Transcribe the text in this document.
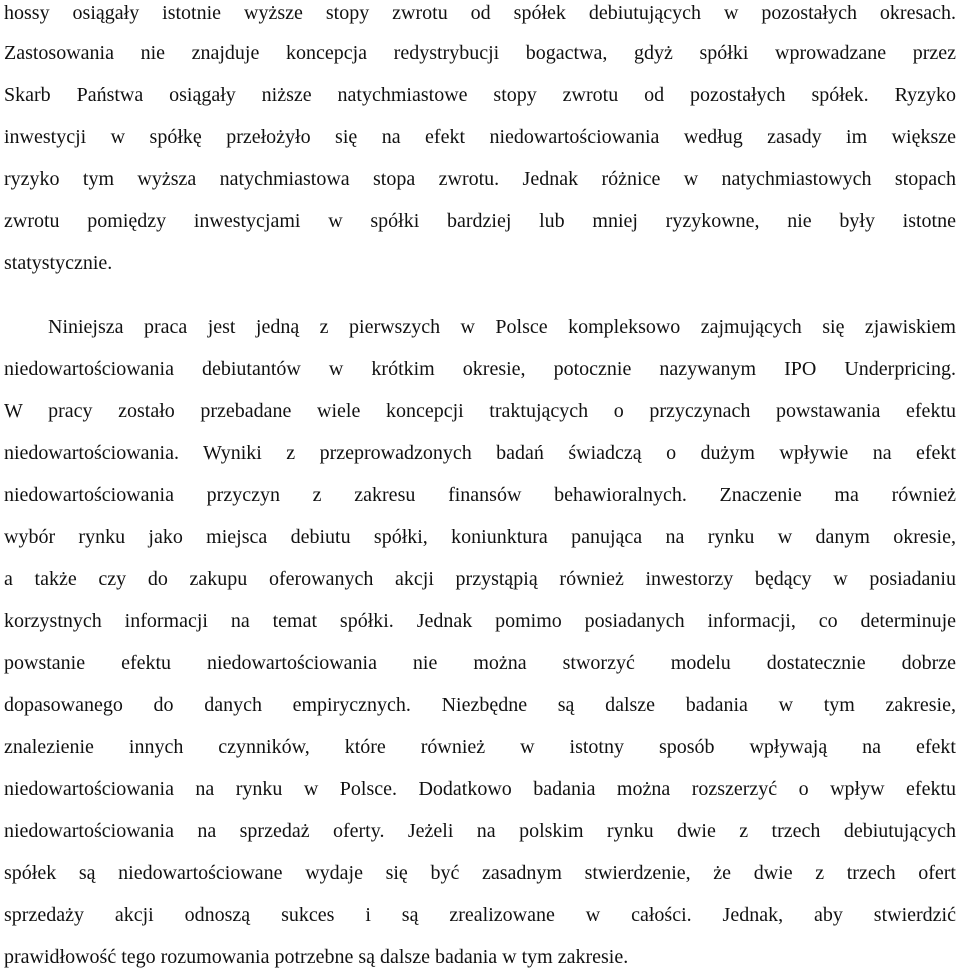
hossy osiągały istotnie wyższe stopy zwrotu od spółek debiutujących w pozostałych okresach.
Zastosowania nie znajduje koncepcja redystrybucji bogactwa, gdyż spółki wprowadzane przez
Skarb Państwa osiągały niższe natychmiastowe stopy zwrotu od pozostałych spółek. Ryzyko
inwestycji w spółkę przełożyło się na efekt niedowartościowania według zasady im większe
ryzyko tym wyższa natychmiastowa stopa zwrotu. Jednak różnice w natychmiastowych stopach
zwrotu pomiędzy inwestycjami w spółki bardziej lub mniej ryzykowne, nie były istotne
statystycznie.
Niniejsza praca jest jedną z pierwszych w Polsce kompleksowo zajmujących się zjawiskiem
niedowartościowania debiutantów w krótkim okresie, potocznie nazywanym IPO Underpricing.
W pracy zostało przebadane wiele koncepcji traktujących o przyczynach powstawania efektu
niedowartościowania. Wyniki z przeprowadzonych badań świadczą o dużym wpływie na efekt
niedowartościowania przyczyn z zakresu finansów behawioralnych. Znaczenie ma również
wybór rynku jako miejsca debiutu spółki, koniunktura panująca na rynku w danym okresie,
a także czy do zakupu oferowanych akcji przystąpią również inwestorzy będący w posiadaniu
korzystnych informacji na temat spółki. Jednak pomimo posiadanych informacji, co determinuje
powstanie efektu niedowartościowania nie można stworzyć modelu dostatecznie dobrze
dopasowanego do danych empirycznych. Niezbędne są dalsze badania w tym zakresie,
znalezienie innych czynników, które również w istotny sposób wpływają na efekt
niedowartościowania na rynku w Polsce. Dodatkowo badania można rozszerzyć o wpływ efektu
niedowartościowania na sprzedaż oferty. Jeżeli na polskim rynku dwie z trzech debiutujących
spółek są niedowartościowane wydaje się być zasadnym stwierdzenie, że dwie z trzech ofert
sprzedaży akcji odnoszą sukces i są zrealizowane w całości. Jednak, aby stwierdzić
prawidłowość tego rozumowania potrzebne są dalsze badania w tym zakresie.
